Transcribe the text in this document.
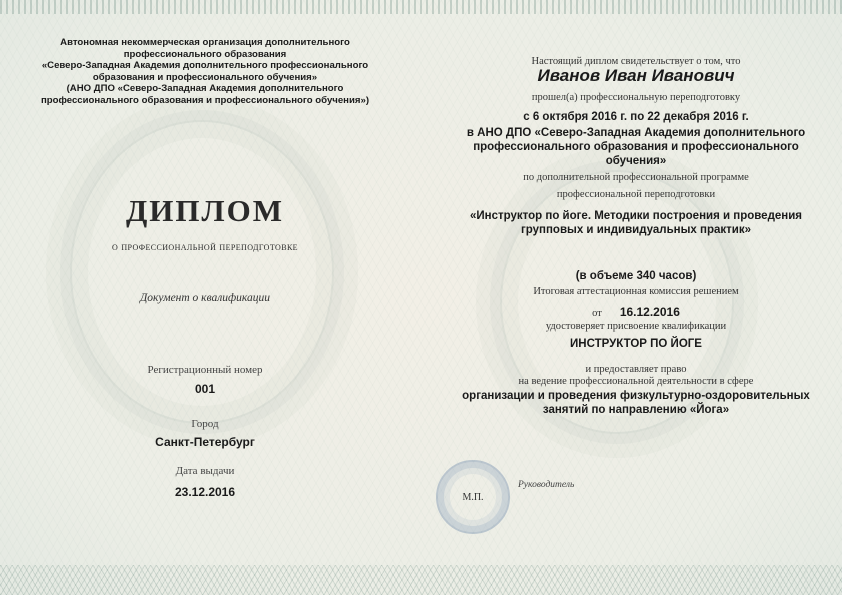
Автономная некоммерческая организация дополнительного
профессионального образования
«Северо-Западная Академия дополнительного профессионального
образования и профессионального обучения»
(АНО ДПО «Северо-Западная Академия дополнительного
профессионального образования и профессионального обучения»)
ДИПЛОМ
о профессиональной переподготовке
Документ о квалификации
Регистрационный номер
001
Город
Санкт-Петербург
Дата выдачи
23.12.2016
Настоящий диплом свидетельствует о том, что
Иванов Иван Иванович
прошел(а) профессиональную переподготовку
с 6 октября 2016 г. по 22 декабря 2016 г.
в АНО ДПО «Северо-Западная Академия дополнительного
профессионального образования и профессионального
обучения»
по дополнительной профессиональной программе
профессиональной переподготовки
«Инструктор по йоге. Методики построения и проведения
групповых и индивидуальных практик»
(в объеме 340 часов)
Итоговая аттестационная комиссия решением
от 16.12.2016
удостоверяет присвоение квалификации
ИНСТРУКТОР ПО ЙОГЕ
и предоставляет право
на ведение профессиональной деятельности в сфере
организации и проведения физкультурно-оздоровительных
занятий по направлению «Йога»
М.П.
Руководитель
